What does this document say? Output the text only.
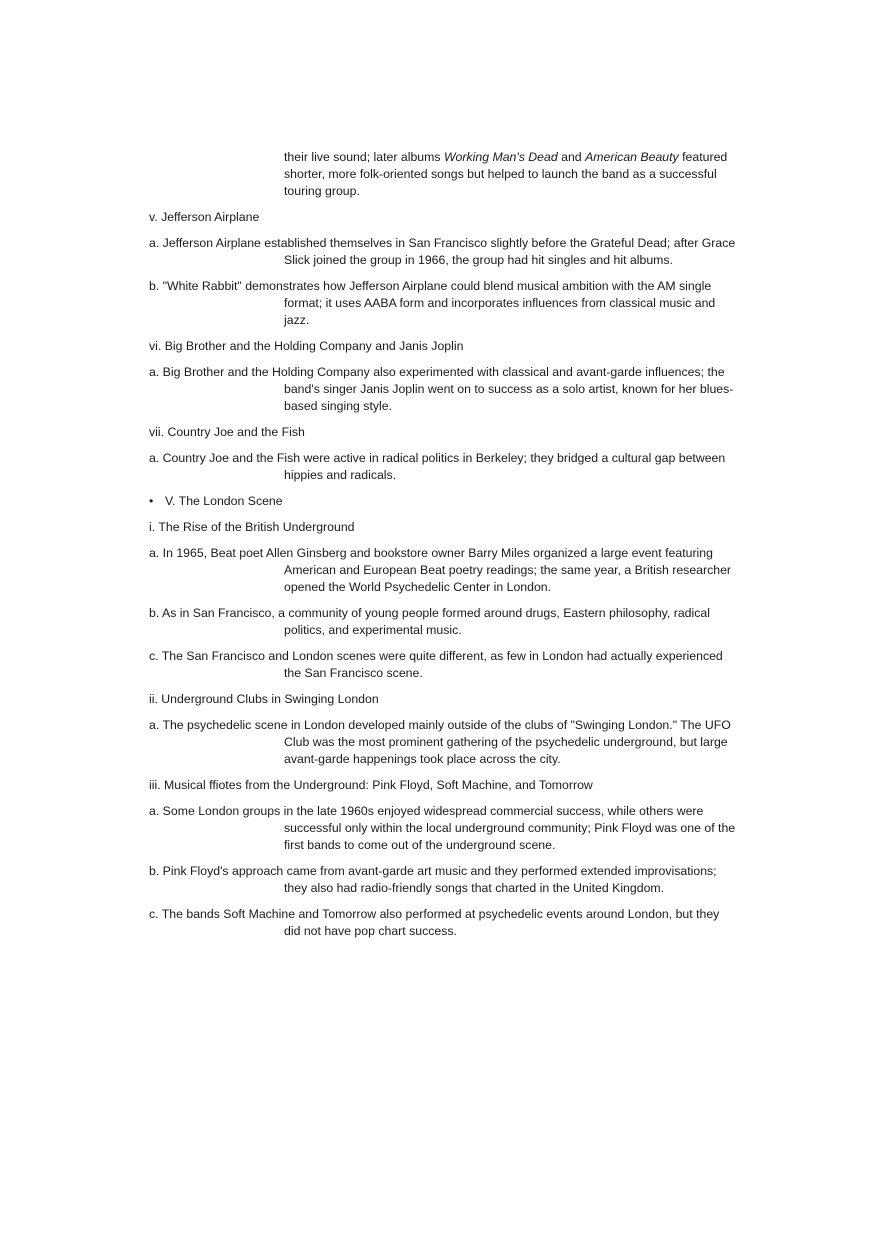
their live sound; later albums Working Man's Dead and American Beauty featured shorter, more folk-oriented songs but helped to launch the band as a successful touring group.

v. Jefferson Airplane

a. Jefferson Airplane established themselves in San Francisco slightly before the Grateful Dead; after Grace Slick joined the group in 1966, the group had hit singles and hit albums.

b. "White Rabbit" demonstrates how Jefferson Airplane could blend musical ambition with the AM single format; it uses AABA form and incorporates influences from classical music and jazz.

vi. Big Brother and the Holding Company and Janis Joplin

a. Big Brother and the Holding Company also experimented with classical and avant-garde influences; the band's singer Janis Joplin went on to success as a solo artist, known for her blues-based singing style.

vii. Country Joe and the Fish

a. Country Joe and the Fish were active in radical politics in Berkeley; they bridged a cultural gap between hippies and radicals.

• V. The London Scene

i. The Rise of the British Underground

a. In 1965, Beat poet Allen Ginsberg and bookstore owner Barry Miles organized a large event featuring American and European Beat poetry readings; the same year, a British researcher opened the World Psychedelic Center in London.

b. As in San Francisco, a community of young people formed around drugs, Eastern philosophy, radical politics, and experimental music.

c. The San Francisco and London scenes were quite different, as few in London had actually experienced the San Francisco scene.

ii. Underground Clubs in Swinging London

a. The psychedelic scene in London developed mainly outside of the clubs of "Swinging London." The UFO Club was the most prominent gathering of the psychedelic underground, but large avant-garde happenings took place across the city.

iii. Musical ffiotes from the Underground: Pink Floyd, Soft Machine, and Tomorrow

a. Some London groups in the late 1960s enjoyed widespread commercial success, while others were successful only within the local underground community; Pink Floyd was one of the first bands to come out of the underground scene.

b. Pink Floyd's approach came from avant-garde art music and they performed extended improvisations; they also had radio-friendly songs that charted in the United Kingdom.

c. The bands Soft Machine and Tomorrow also performed at psychedelic events around London, but they did not have pop chart success.
